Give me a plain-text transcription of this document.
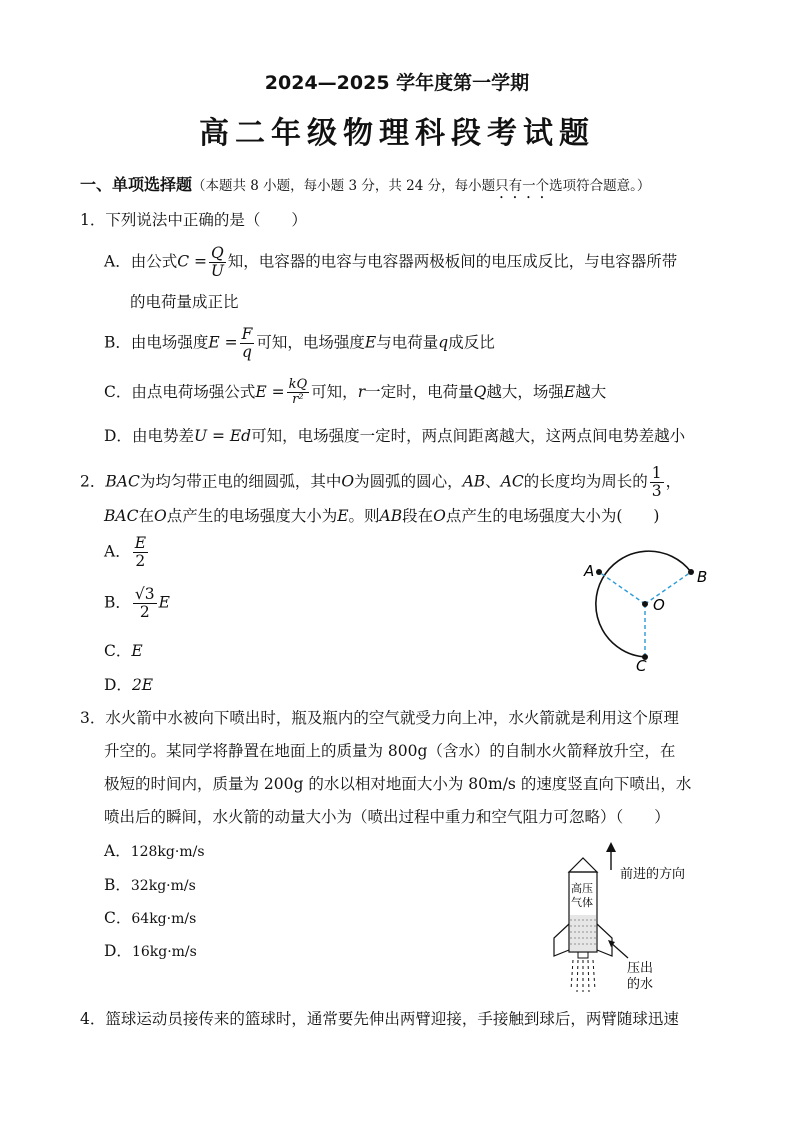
2024—2025 学年度第一学期
高二年级物理科段考试题
一、单项选择题（本题共 8 小题，每小题 3 分，共 24 分，每小题只有一个选项符合题意。）
1．下列说法中正确的是（　　）
A．由公式$C = \frac{Q}{U}$ 知，电容器的电容与电容器两极板间的电压成反比，与电容器所带
的电荷量成正比
B．由电场强度$E = \frac{F}{q}$ 可知，电场强度E与电荷量q成反比
C．由点电荷场强公式$E = \frac{kQ}{\text{r²}}$ 可知，r一定时，电荷量Q越大，场强E越大
D．由电势差U = Ed可知，电场强度一定时，两点间距离越大，这两点间电势差越小
2．BAC为均匀带正电的细圆弧，其中O为圆弧的圆心，AB、AC的长度均为周长的 $\frac{1}{3}$ ，
BAC在O点产生的电场强度大小为E。则AB段在O点产生的电场强度大小为(　　)
A． $\frac{E}{2}$
B． $\frac{√3}{2}$ E
C．E
D．2E
A	B
O
C
3．水火箭中水被向下喷出时，瓶及瓶内的空气就受力向上冲，水火箭就是利用这个原理
升空的。某同学将静置在地面上的质量为 800g（含水）的自制水火箭释放升空，在
极短的时间内，质量为 200g 的水以相对地面大小为 80m/s 的速度竖直向下喷出，水
喷出后的瞬间，水火箭的动量大小为（喷出过程中重力和空气阻力可忽略）（　　）
A．128kg·m/s
B．32kg·m/s
C．64kg·m/s
D．16kg·m/s
前进的方向
高压
气体
压出
的水
4．篮球运动员接传来的篮球时，通常要先伸出两臂迎接，手接触到球后，两臂随球迅速
